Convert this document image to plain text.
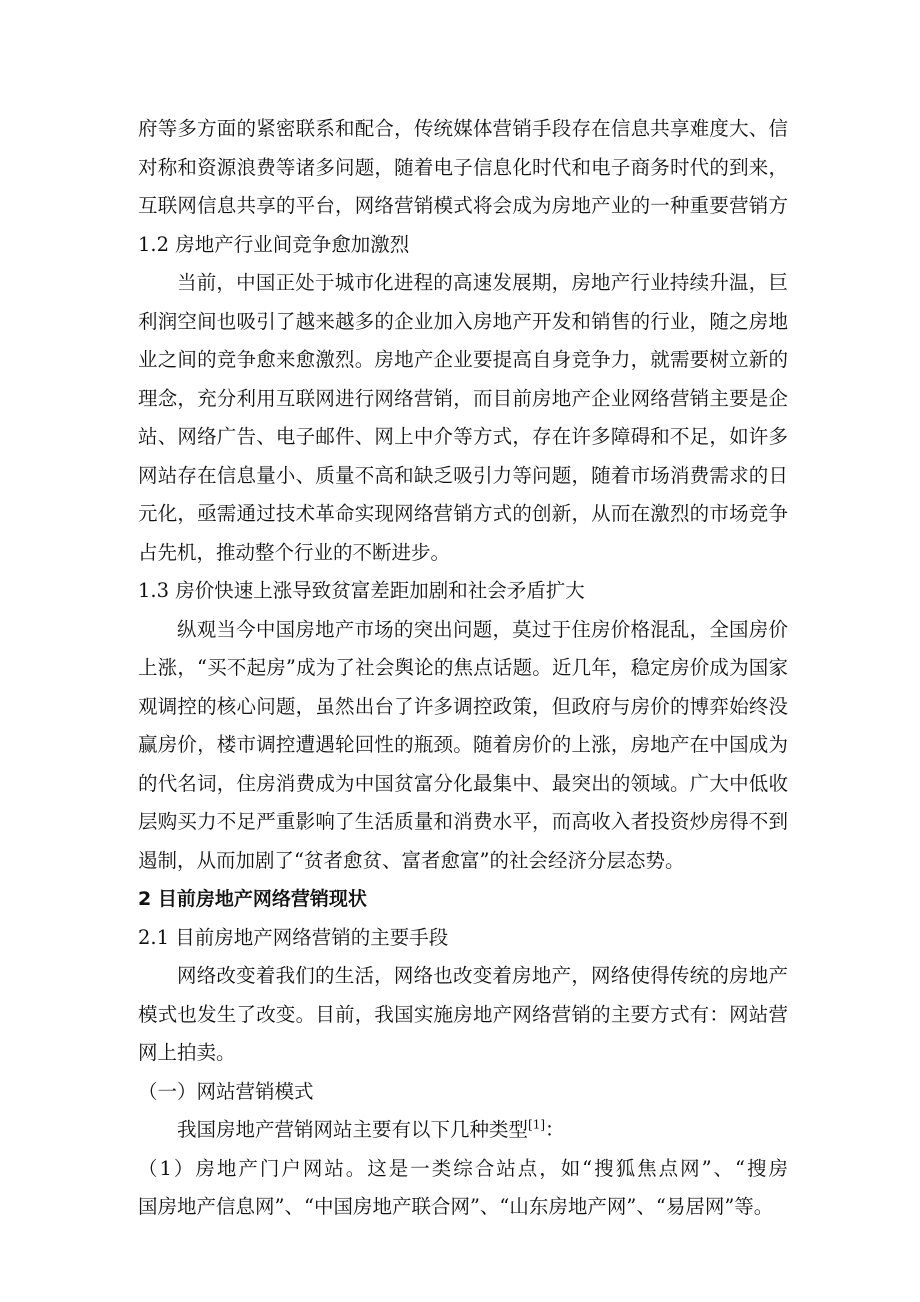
府等多方面的紧密联系和配合，传统媒体营销手段存在信息共享难度大、信
对称和资源浪费等诸多问题，随着电子信息化时代和电子商务时代的到来，
互联网信息共享的平台，网络营销模式将会成为房地产业的一种重要营销方
1.2 房地产行业间竞争愈加激烈
当前，中国正处于城市化进程的高速发展期，房地产行业持续升温，巨
利润空间也吸引了越来越多的企业加入房地产开发和销售的行业，随之房地
业之间的竞争愈来愈激烈。房地产企业要提高自身竞争力，就需要树立新的
理念，充分利用互联网进行网络营销，而目前房地产企业网络营销主要是企
站、网络广告、电子邮件、网上中介等方式，存在许多障碍和不足，如许多
网站存在信息量小、质量不高和缺乏吸引力等问题，随着市场消费需求的日
元化，亟需通过技术革命实现网络营销方式的创新，从而在激烈的市场竞争
占先机，推动整个行业的不断进步。
1.3 房价快速上涨导致贫富差距加剧和社会矛盾扩大
纵观当今中国房地产市场的突出问题，莫过于住房价格混乱，全国房价
上涨，“买不起房”成为了社会舆论的焦点话题。近几年，稳定房价成为国家
观调控的核心问题，虽然出台了许多调控政策，但政府与房价的博弈始终没
赢房价，楼市调控遭遇轮回性的瓶颈。随着房价的上涨，房地产在中国成为
的代名词，住房消费成为中国贫富分化最集中、最突出的领域。广大中低收
层购买力不足严重影响了生活质量和消费水平，而高收入者投资炒房得不到
遏制，从而加剧了“贫者愈贫、富者愈富”的社会经济分层态势。
2 目前房地产网络营销现状
2.1 目前房地产网络营销的主要手段
网络改变着我们的生活，网络也改变着房地产，网络使得传统的房地产
模式也发生了改变。目前，我国实施房地产网络营销的主要方式有：网站营
网上拍卖。
（一）网站营销模式
我国房地产营销网站主要有以下几种类型[1]：
（1）房地产门户网站。这是一类综合站点，如“搜狐焦点网”、“搜房
国房地产信息网”、“中国房地产联合网”、“山东房地产网”、“易居网”等。
